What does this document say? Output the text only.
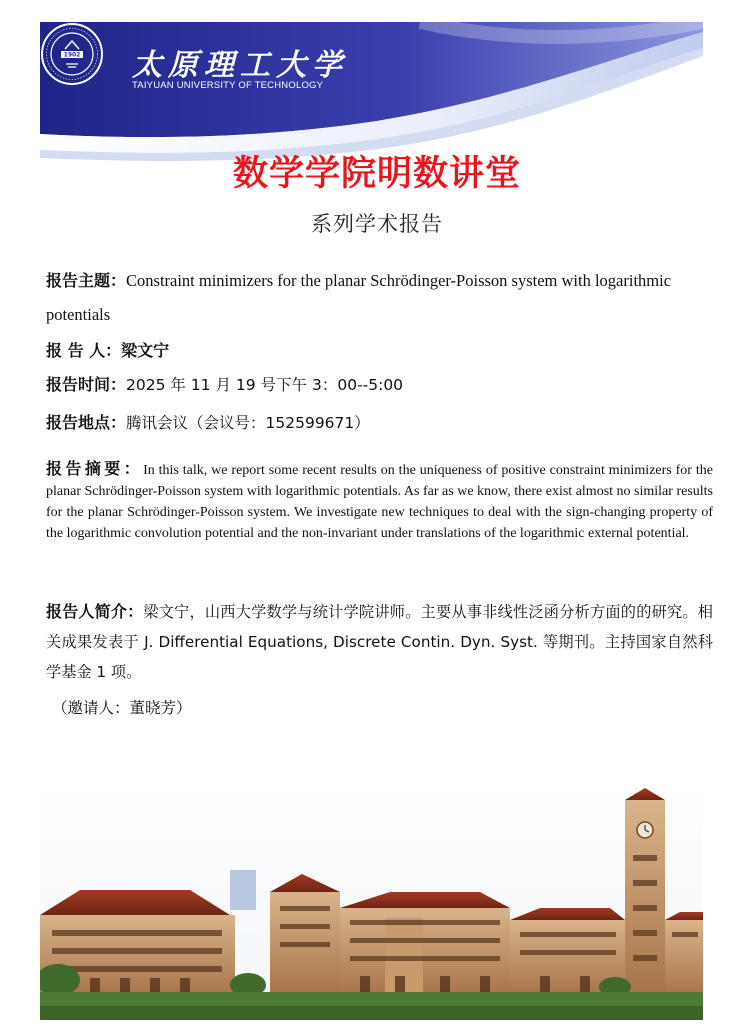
1902 太原理工大学
TAIYUAN UNIVERSITY OF TECHNOLOGY
数学学院明数讲堂
系列学术报告
报告主题：Constraint minimizers for the planar Schrödinger-Poisson system with logarithmic potentials
报 告 人：梁文宁
报告时间：2025 年 11 月 19 号下午 3：00--5:00
报告地点：腾讯会议（会议号：152599671）
报告摘要：In this talk, we report some recent results on the uniqueness of positive constraint minimizers for the planar Schrödinger-Poisson system with logarithmic potentials. As far as we know, there exist almost no similar results for the planar Schrödinger-Poisson system. We investigate new techniques to deal with the sign-changing property of the logarithmic convolution potential and the non-invariant under translations of the logarithmic external potential.
报告人简介：梁文宁，山西大学数学与统计学院讲师。主要从事非线性泛函分析方面的的研究。相关成果发表于 J. Differential Equations, Discrete Contin. Dyn. Syst. 等期刊。主持国家自然科学基金 1 项。
（邀请人：董晓芳）
